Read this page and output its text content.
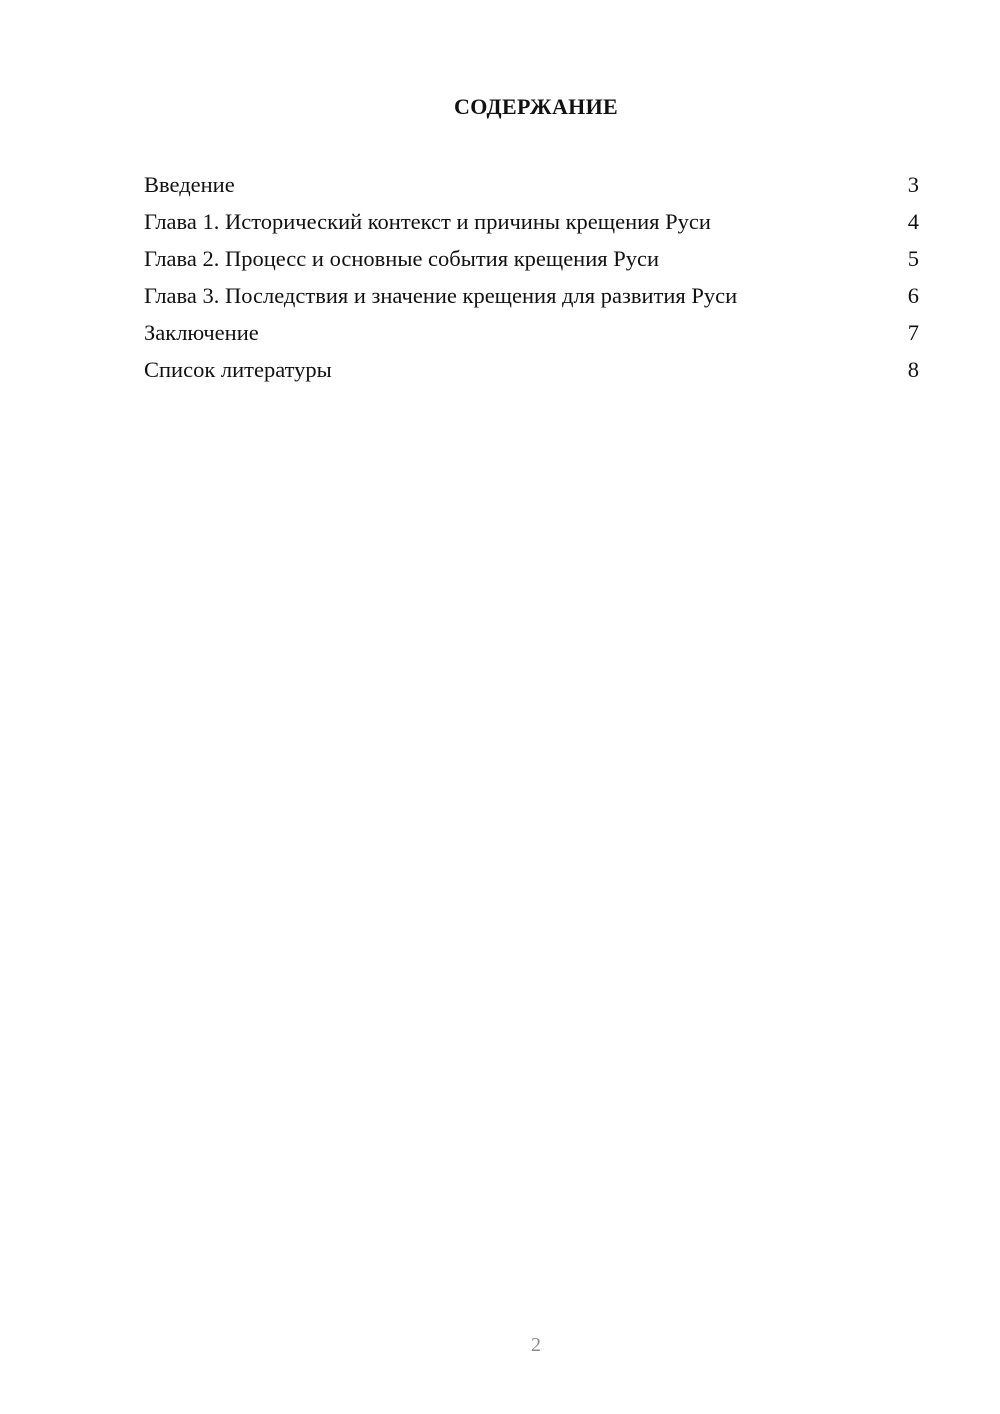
СОДЕРЖАНИЕ
Введение	3
Глава 1. Исторический контекст и причины крещения Руси	4
Глава 2. Процесс и основные события крещения Руси	5
Глава 3. Последствия и значение крещения для развития Руси	6
Заключение	7
Список литературы	8
2
